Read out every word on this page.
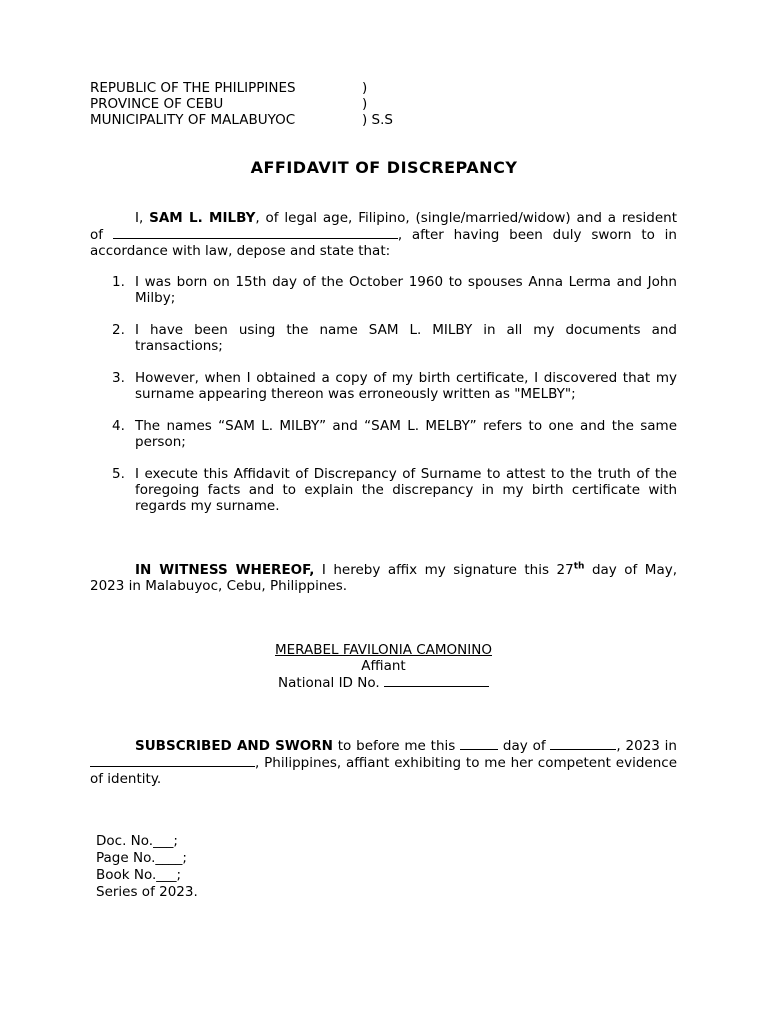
REPUBLIC OF THE PHILIPPINES	)
PROVINCE OF CEBU	)
MUNICIPALITY OF MALABUYOC	) S.S
AFFIDAVIT OF DISCREPANCY

I, SAM L. MILBY, of legal age, Filipino, (single/married/widow) and a resident of	, after having been duly sworn to in accordance with law, depose and state that:

1. I was born on 15th day of the October 1960 to spouses Anna Lerma and John Milby;
2. I have been using the name SAM L. MILBY in all my documents and transactions;
3. However, when I obtained a copy of my birth certificate, I discovered that my surname appearing thereon was erroneously written as "MELBY";
4. The names “SAM L. MILBY” and “SAM L. MELBY” refers to one and the same person;
5. I execute this Affidavit of Discrepancy of Surname to attest to the truth of the foregoing facts and to explain the discrepancy in my birth certificate with regards my surname.

IN WITNESS WHEREOF, I hereby affix my signature this 27th day of May, 2023 in Malabuyoc, Cebu, Philippines.

MERABEL FAVILONIA CAMONINO
Affiant
National ID No.

SUBSCRIBED AND SWORN to before me this	day of	, 2023 in , Philippines, affiant exhibiting to me her competent evidence of identity.

Doc. No.___;
Page No.____;
Book No.___;
Series of 2023.
